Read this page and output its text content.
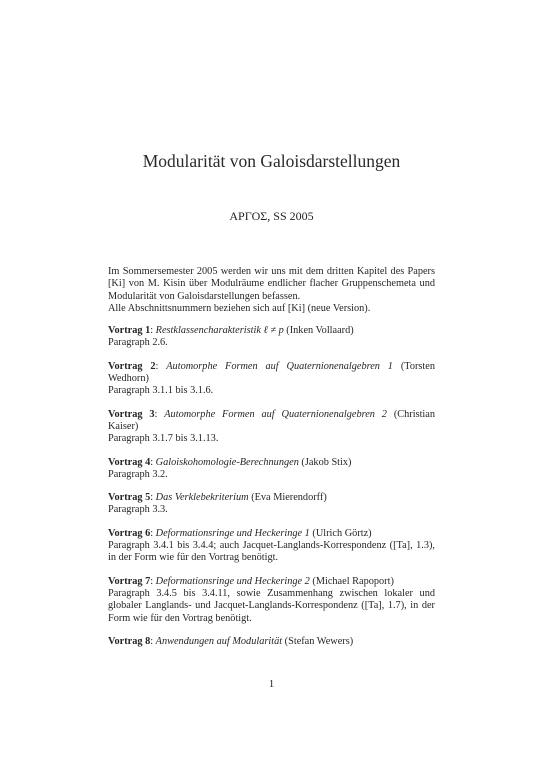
Modularität von Galoisdarstellungen
ΑΡΓΟΣ, SS 2005
Im Sommersemester 2005 werden wir uns mit dem dritten Kapitel des Papers [Ki] von M. Kisin über Modulräume endlicher flacher Gruppenschemeta und Modularität von Galoisdarstellungen befassen.
Alle Abschnittsnummern beziehen sich auf [Ki] (neue Version).
Vortrag 1: Restklassencharakteristik ℓ ≠ p (Inken Vollaard)
Paragraph 2.6.
Vortrag 2: Automorphe Formen auf Quaternionenalgebren 1 (Torsten Wedhorn)
Paragraph 3.1.1 bis 3.1.6.
Vortrag 3: Automorphe Formen auf Quaternionenalgebren 2 (Christian Kaiser)
Paragraph 3.1.7 bis 3.1.13.
Vortrag 4: Galoiskohomologie-Berechnungen (Jakob Stix)
Paragraph 3.2.
Vortrag 5: Das Verklebekriterium (Eva Mierendorff)
Paragraph 3.3.
Vortrag 6: Deformationsringe und Heckeringe 1 (Ulrich Görtz)
Paragraph 3.4.1 bis 3.4.4; auch Jacquet-Langlands-Korrespondenz ([Ta], 1.3), in der Form wie für den Vortrag benötigt.
Vortrag 7: Deformationsringe und Heckeringe 2 (Michael Rapoport)
Paragraph 3.4.5 bis 3.4.11, sowie Zusammenhang zwischen lokaler und globaler Langlands- und Jacquet-Langlands-Korrespondenz ([Ta], 1.7), in der Form wie für den Vortrag benötigt.
Vortrag 8: Anwendungen auf Modularität (Stefan Wewers)
1
